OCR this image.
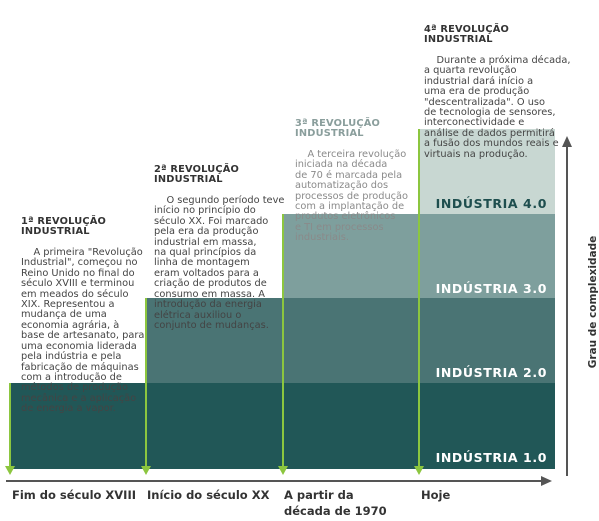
INDÚSTRIA 1.0
INDÚSTRIA 2.0
INDÚSTRIA 3.0
INDÚSTRIA 4.0
Grau de complexidade
Fim do século XVIII Início do século XX A partir da década de 1970
Hoje

1ª REVOLUÇÃO
INDUSTRIAL

A primeira "Revolução
Industrial", começou no
Reino Unido no final do
século XVIII e terminou
em meados do século
XIX. Representou a
mudança de uma
economia agrária, à
base de artesanato, para
uma economia liderada
pela indústria e pela
fabricação de máquinas
com a introdução de
métodos de produção
mecânica e a aplicação
de energia a vapor.

2ª REVOLUÇÃO
INDUSTRIAL

O segundo período teve
início no princípio do
século XX. Foi marcado
pela era da produção
industrial em massa,
na qual princípios da
linha de montagem
eram voltados para a
criação de produtos de
consumo em massa. A
introdução da energia
elétrica auxiliou o
conjunto de mudanças.

3ª REVOLUÇÃO
INDUSTRIAL

A terceira revolução
iniciada na década
de 70 é marcada pela
automatização dos
processos de produção
com a implantação de
produtos eletrônicos
e TI em processos
industriais.

4ª REVOLUÇÃO
INDUSTRIAL

Durante a próxima década,
a quarta revolução
industrial dará início a
uma era de produção
"descentralizada". O uso
de tecnologia de sensores,
interconectividade e
análise de dados permitirá
a fusão dos mundos reais e
virtuais na produção.
